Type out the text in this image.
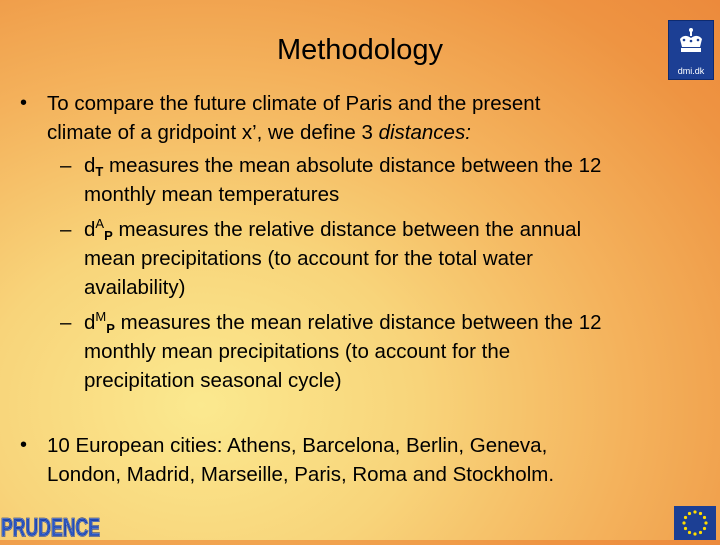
Methodology
dmi.dk
• To compare the future climate of Paris and the present
climate of a gridpoint x’, we define 3 distances:
– $d_T$ measures the mean absolute distance between the 12
monthly mean temperatures
– $d^A_P$ measures the relative distance between the annual
mean precipitations (to account for the total water
availability)
– $d^M_P$ measures the mean relative distance between the 12
monthly mean precipitations (to account for the
precipitation seasonal cycle)
• 10 European cities: Athens, Barcelona, Berlin, Geneva,
London, Madrid, Marseille, Paris, Roma and Stockholm.
PRUDENCE
PRUDENCE
